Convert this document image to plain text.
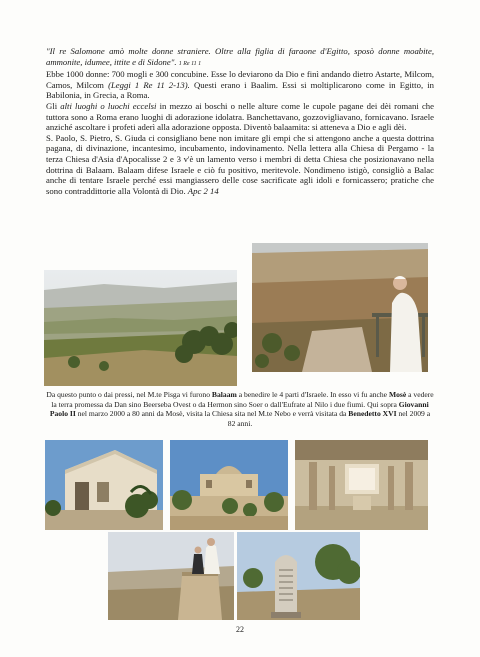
"Il re Salomone amò molte donne straniere. Oltre alla figlia di faraone d'Egitto, sposò donne moabite, ammonite, idumee, ittite e di Sidone". 1 Re 11 1

Ebbe 1000 donne: 700 mogli e 300 concubine. Esse lo deviarono da Dio e finì andando dietro Astarte, Milcom, Camos, Milcom (Leggi 1 Re 11 2-13). Questi erano i Baalim. Essi si moltiplicarono come in Egitto, in Babilonia, in Grecia, a Roma.

Gli alti luoghi o luochi eccelsi in mezzo ai boschi o nelle alture come le cupole pagane dei dèi romani che tuttora sono a Roma erano luoghi di adorazione idolatra. Banchettavano, gozzovigliavano, fornicavano. Israele anziché ascoltare i profeti aderì alla adorazione opposta. Diventò balaamita: si atteneva a Dio e agli dèi.

S. Paolo, S. Pietro, S. Giuda ci consigliano bene non imitare gli empi che si attengono anche a questa dottrina pagana, di divinazione, incantesimo, incubamento, indovinamento. Nella lettera alla Chiesa di Pergamo - la terza Chiesa d'Asia d'Apocalisse 2 e 3 v'è un lamento verso i membri di detta Chiesa che posizionavano nella dottrina di Balaam. Balaam difese Israele e ciò fu positivo, meritevole. Nondimeno istigò, consigliò a Balac anche di tentare Israele perché essi mangiassero delle cose sacrificate agli idoli e fornicassero; pratiche che sono contraddittorie alla Volontà di Dio. Apc 2 14

Da questo punto o dai pressi, nel M.te Pisga vi furono Balaam a benedire le 4 parti d'Israele. In esso vi fu anche Mosè a vedere la terra promessa da Dan sino Beerseba Ovest o da Hermon sino Soer o dall'Eufrate al Nilo i due fiumi. Qui sopra Giovanni Paolo II nel marzo 2000 a 80 anni da Mosè, visita la Chiesa sita nel M.te Nebo e verrà visitata da Benedetto XVI nel 2009 a 82 anni.
22
